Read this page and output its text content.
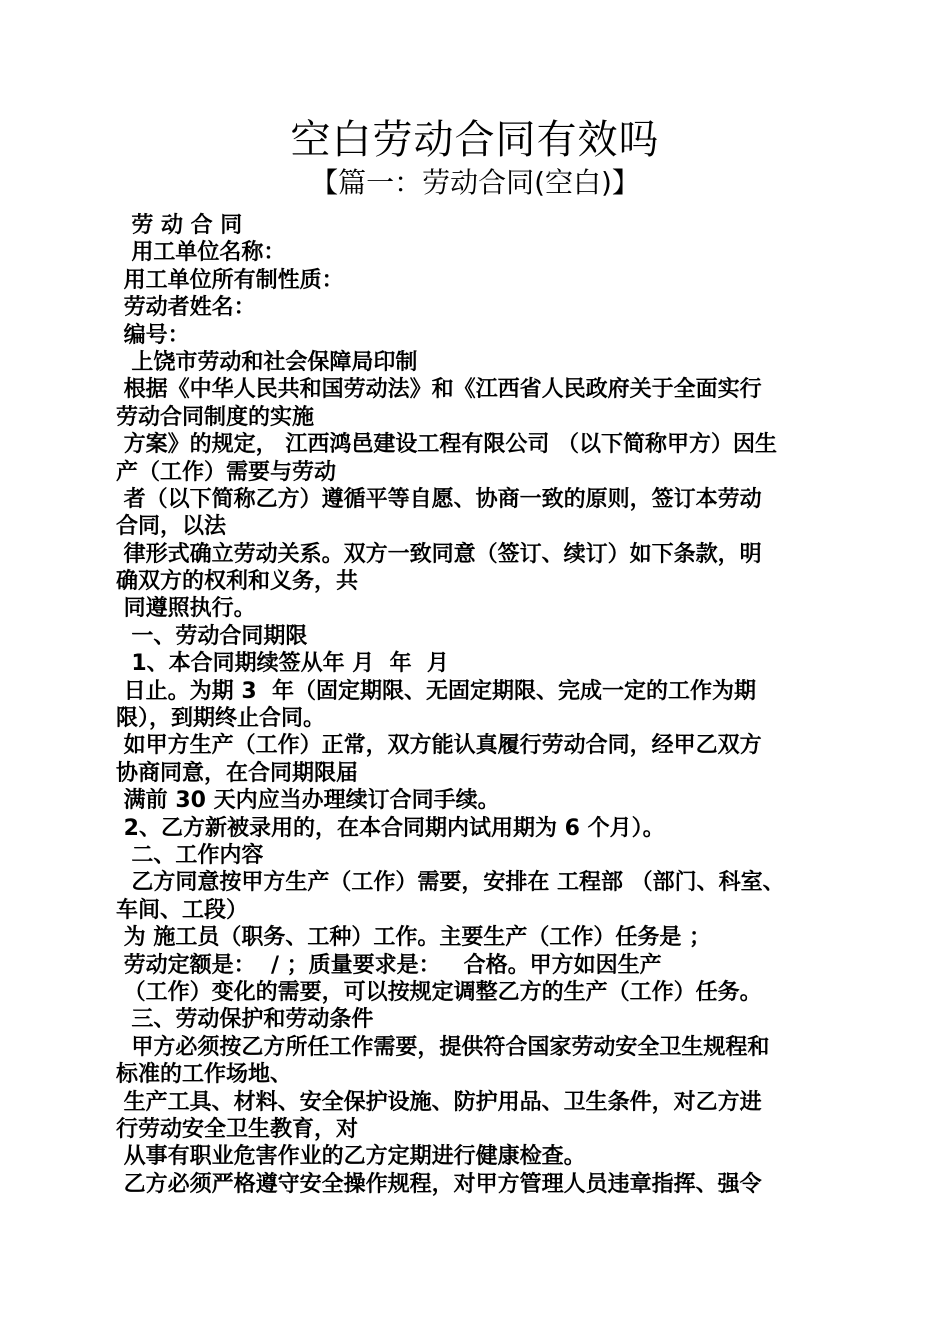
空白劳动合同有效吗
【篇一：劳动合同(空白)】
劳 动 合 同
用工单位名称：
用工单位所有制性质：
劳动者姓名：
编号：
上饶市劳动和社会保障局印制
根据《中华人民共和国劳动法》和《江西省人民政府关于全面实行
劳动合同制度的实施
方案》的规定， 江西鸿邑建设工程有限公司 （以下简称甲方）因生
产（工作）需要与劳动
者（以下简称乙方）遵循平等自愿、协商一致的原则，签订本劳动
合同，以法
律形式确立劳动关系。双方一致同意（签订、续订）如下条款，明
确双方的权利和义务，共
同遵照执行。
一、劳动合同期限
1、本合同期续签从年 月  年  月
日止。为期 3  年（固定期限、无固定期限、完成一定的工作为期
限），到期终止合同。
如甲方生产（工作）正常，双方能认真履行劳动合同，经甲乙双方
协商同意，在合同期限届
满前 30 天内应当办理续订合同手续。
2、乙方新被录用的，在本合同期内试用期为 6 个月）。
二、工作内容
乙方同意按甲方生产（工作）需要，安排在 工程部 （部门、科室、
车间、工段）
为 施工员（职务、工种）工作。主要生产（工作）任务是 ；
劳动定额是：  / ；质量要求是：   合格。甲方如因生产
（工作）变化的需要，可以按规定调整乙方的生产（工作）任务。
三、劳动保护和劳动条件
甲方必须按乙方所任工作需要，提供符合国家劳动安全卫生规程和
标准的工作场地、
生产工具、材料、安全保护设施、防护用品、卫生条件，对乙方进
行劳动安全卫生教育，对
从事有职业危害作业的乙方定期进行健康检查。
乙方必须严格遵守安全操作规程，对甲方管理人员违章指挥、强令
